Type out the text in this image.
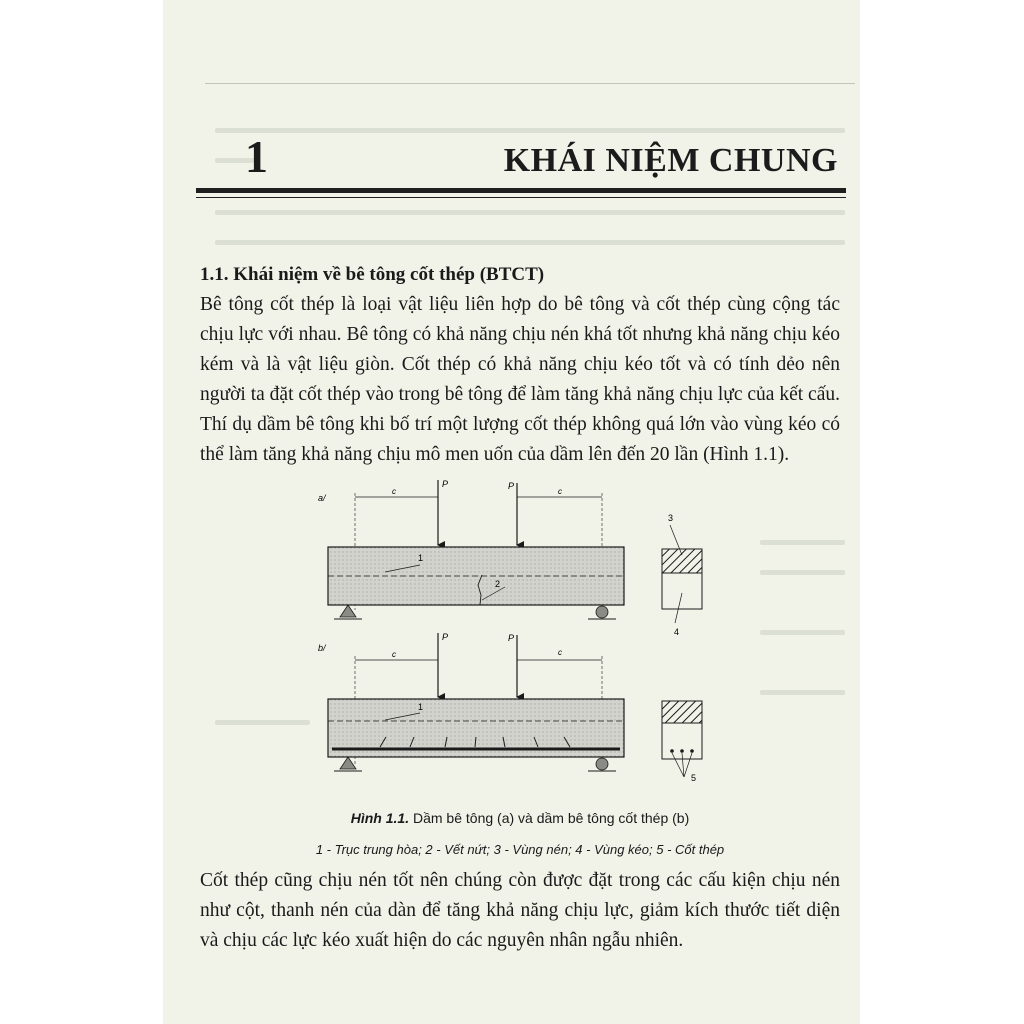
1	KHÁI NIỆM CHUNG
1.1. Khái niệm về bê tông cốt thép (BTCT)
Bê tông cốt thép là loại vật liệu liên hợp do bê tông và cốt thép cùng cộng tác chịu lực với nhau. Bê tông có khả năng chịu nén khá tốt nhưng khả năng chịu kéo kém và là vật liệu giòn. Cốt thép có khả năng chịu kéo tốt và có tính dẻo nên người ta đặt cốt thép vào trong bê tông để làm tăng khả năng chịu lực của kết cấu. Thí dụ dầm bê tông khi bố trí một lượng cốt thép không quá lớn vào vùng kéo có thể làm tăng khả năng chịu mô men uốn của dầm lên đến 20 lần (Hình 1.1).
a/
c	c
P	P
1
2
3
4
b/
c	c
P	P
1
5
Hình 1.1. Dầm bê tông (a) và dầm bê tông cốt thép (b)
1 - Trục trung hòa; 2 - Vết nứt; 3 - Vùng nén; 4 - Vùng kéo; 5 - Cốt thép
Cốt thép cũng chịu nén tốt nên chúng còn được đặt trong các cấu kiện chịu nén như cột, thanh nén của dàn để tăng khả năng chịu lực, giảm kích thước tiết diện và chịu các lực kéo xuất hiện do các nguyên nhân ngẫu nhiên.
